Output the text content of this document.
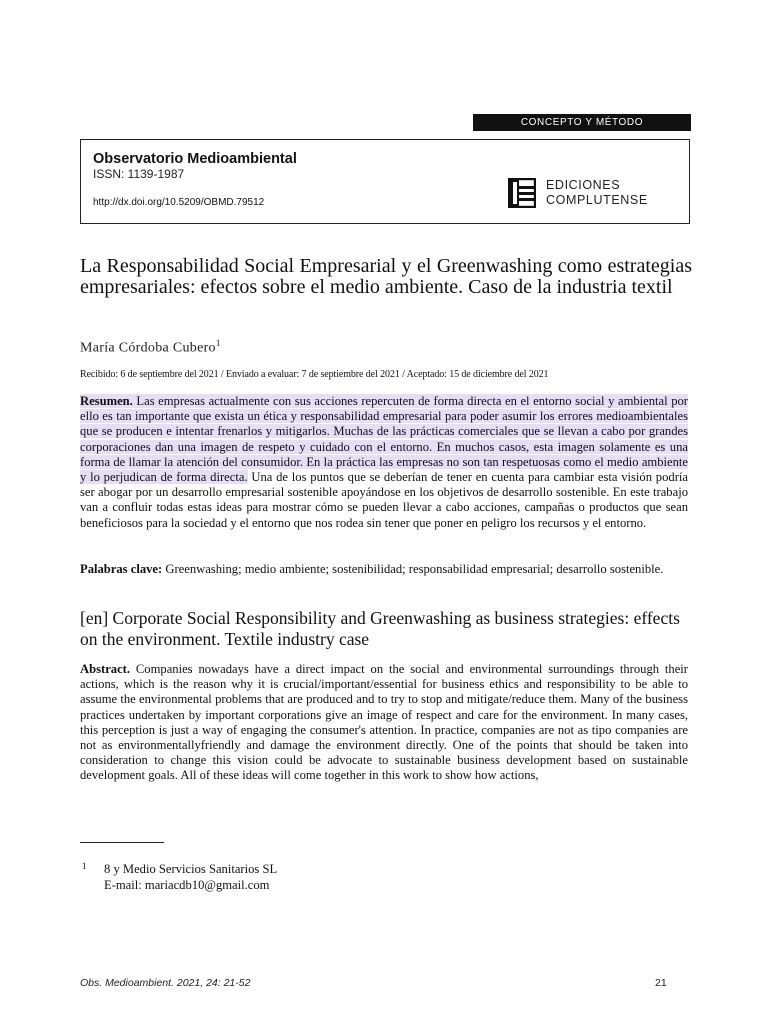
CONCEPTO Y MÉTODO
Observatorio Medioambiental
ISSN: 1139-1987
http://dx.doi.org/10.5209/OBMD.79512
EDICIONES
COMPLUTENSE
La Responsabilidad Social Empresarial y el Greenwashing como estrategias empresariales: efectos sobre el medio ambiente. Caso de la industria textil
María Córdoba Cubero$^1$
Recibido: 6 de septiembre del 2021 / Enviado a evaluar: 7 de septiembre del 2021 / Aceptado: 15 de diciembre del 2021
Resumen. Las empresas actualmente con sus acciones repercuten de forma directa en el entorno social y ambiental por ello es tan importante que exista un ética y responsabilidad empresarial para poder asumir los errores medioambientales que se producen e intentar frenarlos y mitigarlos. Muchas de las prácticas comerciales que se llevan a cabo por grandes corporaciones dan una imagen de respeto y cuidado con el entorno. En muchos casos, esta imagen solamente es una forma de llamar la atención del consumidor. En la práctica las empresas no son tan respetuosas como el medio ambiente y lo perjudican de forma directa. Una de los puntos que se deberían de tener en cuenta para cambiar esta visión podría ser abogar por un desarrollo empresarial sostenible apoyándose en los objetivos de desarrollo sostenible. En este trabajo van a confluir todas estas ideas para mostrar cómo se pueden llevar a cabo acciones, campañas o productos que sean beneficiosos para la sociedad y el entorno que nos rodea sin tener que poner en peligro los recursos y el entorno.
Palabras clave: Greenwashing; medio ambiente; sostenibilidad; responsabilidad empresarial; desarrollo sostenible.
[en] Corporate Social Responsibility and Greenwashing as business strategies: effects on the environment. Textile industry case
Abstract. Companies nowadays have a direct impact on the social and environmental surroundings through their actions, which is the reason why it is crucial/important/essential for business ethics and responsibility to be able to assume the environmental problems that are produced and to try to stop and mitigate/reduce them. Many of the business practices undertaken by important corporations give an image of respect and care for the environment. In many cases, this perception is just a way of engaging the consumer's attention. In practice, companies are not as tipo companies are not as environmentallyfriendly and damage the environment directly. One of the points that should be taken into consideration to change this vision could be advocate to sustainable business development based on sustainable development goals. All of these ideas will come together in this work to show how actions,
1 8 y Medio Servicios Sanitarios SL
E-mail: mariacdb10@gmail.com
Obs. Medioambient. 2021, 24: 21-52	21
